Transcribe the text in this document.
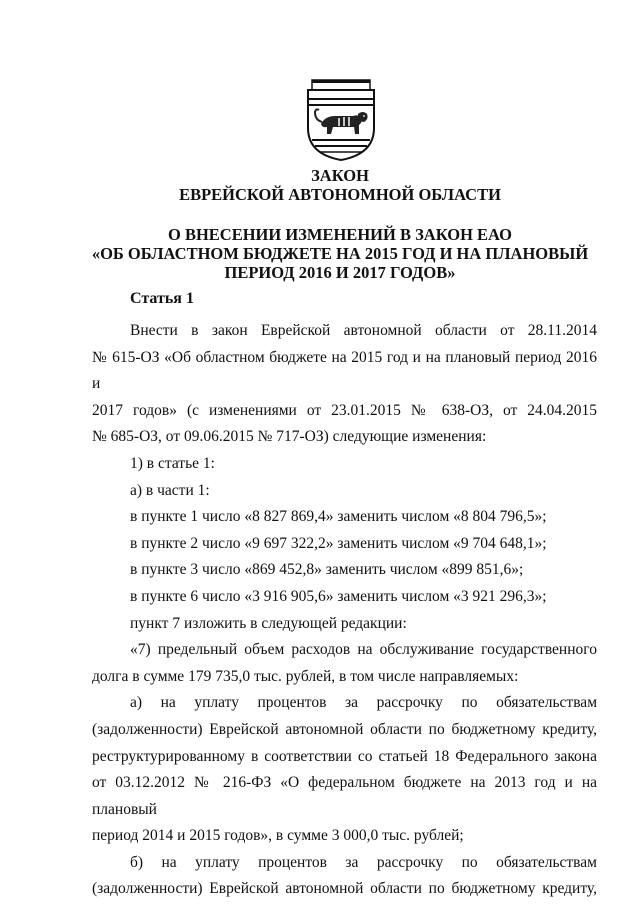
ЗАКОН
ЕВРЕЙСКОЙ АВТОНОМНОЙ ОБЛАСТИ
О ВНЕСЕНИИ ИЗМЕНЕНИЙ В ЗАКОН ЕАО
«ОБ ОБЛАСТНОМ БЮДЖЕТЕ НА 2015 ГОД И НА ПЛАНОВЫЙ
ПЕРИОД 2016 И 2017 ГОДОВ»
Статья 1

Внести в закон Еврейской автономной области от 28.11.2014

№ 615-ОЗ «Об областном бюджете на 2015 год и на плановый период 2016 и

2017 годов» (с изменениями от 23.01.2015 № 638-ОЗ, от 24.04.2015

№ 685-ОЗ, от 09.06.2015 № 717-ОЗ) следующие изменения:

1) в статье 1:

а) в части 1:

в пункте 1 число «8 827 869,4» заменить числом «8 804 796,5»;

в пункте 2 число «9 697 322,2» заменить числом «9 704 648,1»;

в пункте 3 число «869 452,8» заменить числом «899 851,6»;

в пункте 6 число «3 916 905,6» заменить числом «3 921 296,3»;

пункт 7 изложить в следующей редакции:

«7) предельный объем расходов на обслуживание государственного

долга в сумме 179 735,0 тыс. рублей, в том числе направляемых:

а) на уплату процентов за рассрочку по обязательствам

(задолженности) Еврейской автономной области по бюджетному кредиту,

реструктурированному в соответствии со статьей 18 Федерального закона

от 03.12.2012 № 216-ФЗ «О федеральном бюджете на 2013 год и на плановый

период 2014 и 2015 годов», в сумме 3 000,0 тыс. рублей;

б) на уплату процентов за рассрочку по обязательствам

(задолженности) Еврейской автономной области по бюджетному кредиту,
